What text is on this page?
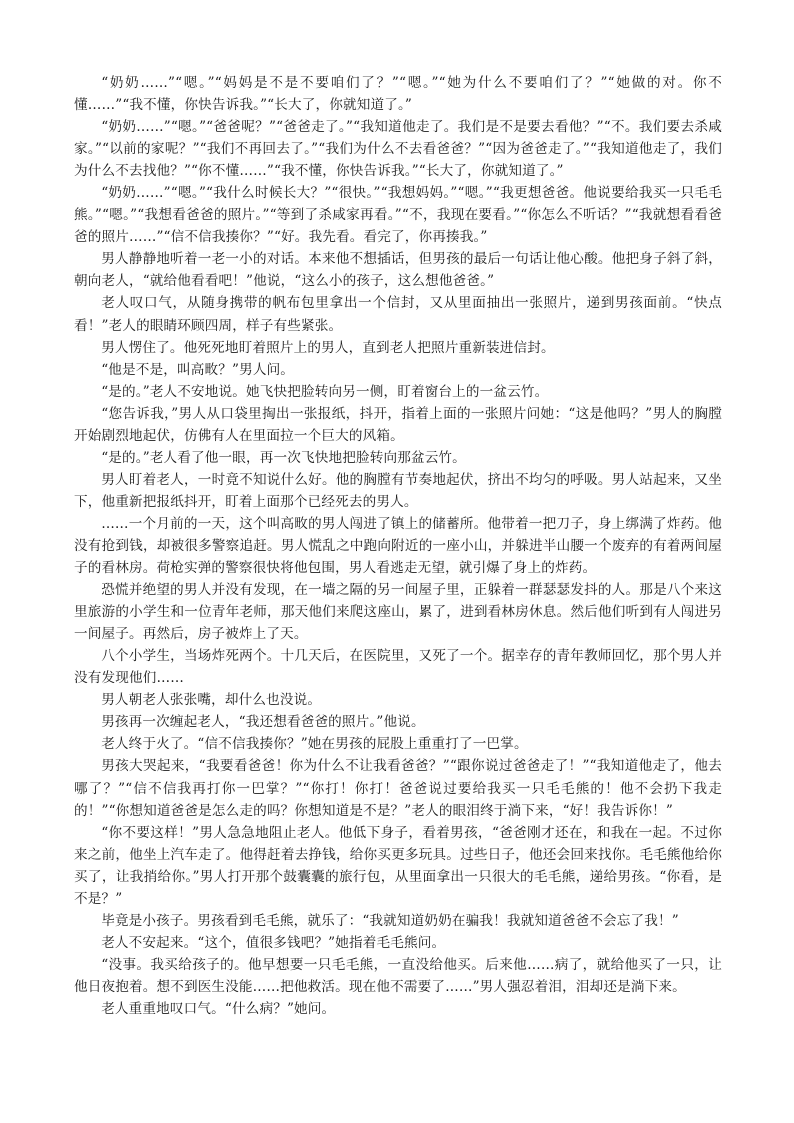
“奶奶……”“嗯。”“妈妈是不是不要咱们了？”“嗯。”“她为什么不要咱们了？”“她做的对。你不懂……”“我不懂，你快告诉我。”“长大了，你就知道了。”

“奶奶……”“嗯。”“爸爸呢？”“爸爸走了。”“我知道他走了。我们是不是要去看他？”“不。我们要去杀咸家。”“以前的家呢？”“我们不再回去了。”“我们为什么不去看爸爸？”“因为爸爸走了。”“我知道他走了，我们为什么不去找他？”“你不懂……”“我不懂，你快告诉我。”“长大了，你就知道了。”

“奶奶……”“嗯。”“我什么时候长大？”“很快。”“我想妈妈。”“嗯。”“我更想爸爸。他说要给我买一只毛毛熊。”“嗯。”“我想看爸爸的照片。”“等到了杀咸家再看。”“不，我现在要看。”“你怎么不听话？”“我就想看看爸爸的照片……”“信不信我揍你？”“好。我先看。看完了，你再揍我。”

男人静静地听着一老一小的对话。本来他不想插话，但男孩的最后一句话让他心酸。他把身子斜了斜，朝向老人，“就给他看看吧！”他说，“这么小的孩子，这么想他爸爸。”

老人叹口气，从随身携带的帆布包里拿出一个信封，又从里面抽出一张照片，递到男孩面前。“快点看！”老人的眼睛环顾四周，样子有些紧张。

男人愣住了。他死死地盯着照片上的男人，直到老人把照片重新装进信封。

“他是不是，叫高畋？”男人问。

“是的。”老人不安地说。她飞快把脸转向另一侧，盯着窗台上的一盆云竹。

“您告诉我，”男人从口袋里掏出一张报纸，抖开，指着上面的一张照片问她：“这是他吗？”男人的胸膛开始剧烈地起伏，仿佛有人在里面拉一个巨大的风箱。

“是的。”老人看了他一眼，再一次飞快地把脸转向那盆云竹。

男人盯着老人，一时竟不知说什么好。他的胸膛有节奏地起伏，挤出不均匀的呼吸。男人站起来，又坐下，他重新把报纸抖开，盯着上面那个已经死去的男人。

……一个月前的一天，这个叫高畋的男人闯进了镇上的储蓄所。他带着一把刀子，身上绑满了炸药。他没有抢到钱，却被很多警察追赶。男人慌乱之中跑向附近的一座小山，并躲进半山腰一个废弃的有着两间屋子的看林房。荷枪实弹的警察很快将他包围，男人看逃走无望，就引爆了身上的炸药。

恐慌并绝望的男人并没有发现，在一墙之隔的另一间屋子里，正躲着一群瑟瑟发抖的人。那是八个来这里旅游的小学生和一位青年老师，那天他们来爬这座山，累了，进到看林房休息。然后他们听到有人闯进另一间屋子。再然后，房子被炸上了天。

八个小学生，当场炸死两个。十几天后，在医院里，又死了一个。据幸存的青年教师回忆，那个男人并没有发现他们……

男人朝老人张张嘴，却什么也没说。

男孩再一次缠起老人，“我还想看爸爸的照片。”他说。

老人终于火了。“信不信我揍你？”她在男孩的屁股上重重打了一巴掌。

男孩大哭起来，“我要看爸爸！你为什么不让我看爸爸？”“跟你说过爸爸走了！”“我知道他走了，他去哪了？”“信不信我再打你一巴掌？”“你打！你打！爸爸说过要给我买一只毛毛熊的！他不会扔下我走的！”“你想知道爸爸是怎么走的吗？你想知道是不是？”老人的眼泪终于淌下来，“好！我告诉你！”

“你不要这样！”男人急急地阻止老人。他低下身子，看着男孩，“爸爸刚才还在，和我在一起。不过你来之前，他坐上汽车走了。他得赶着去挣钱，给你买更多玩具。过些日子，他还会回来找你。毛毛熊他给你买了，让我捎给你。”男人打开那个鼓囊囊的旅行包，从里面拿出一只很大的毛毛熊，递给男孩。“你看，是不是？”

毕竟是小孩子。男孩看到毛毛熊，就乐了：“我就知道奶奶在骗我！我就知道爸爸不会忘了我！”

老人不安起来。“这个，值很多钱吧？”她指着毛毛熊问。

“没事。我买给孩子的。他早想要一只毛毛熊，一直没给他买。后来他……病了，就给他买了一只，让他日夜抱着。想不到医生没能……把他救活。现在他不需要了……”男人强忍着泪，泪却还是淌下来。

老人重重地叹口气。“什么病？”她问。
